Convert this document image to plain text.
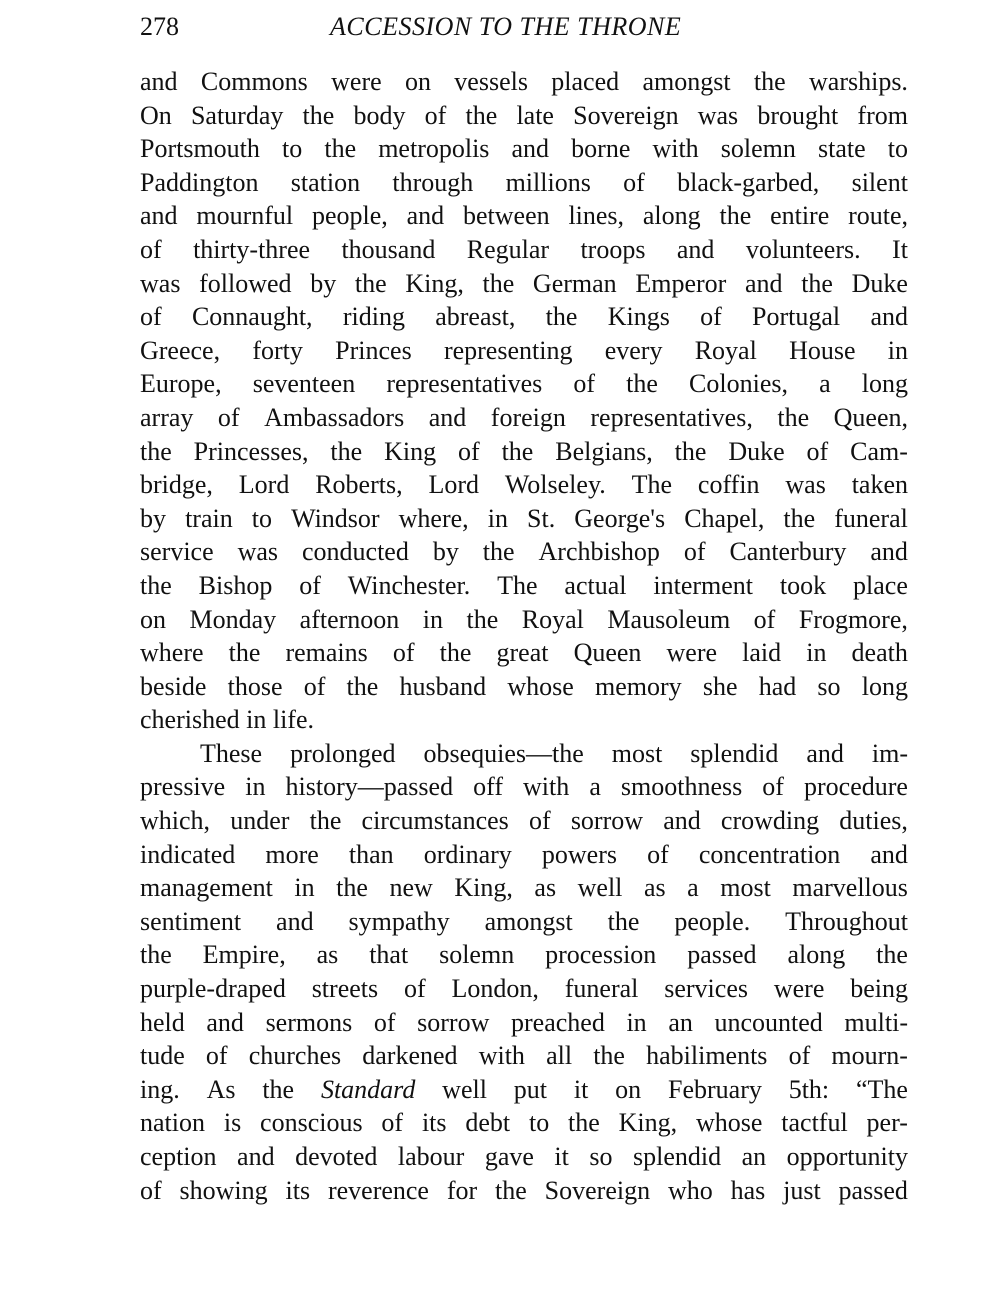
278	ACCESSION TO THE THRONE
and Commons were on vessels placed amongst the warships.
On Saturday the body of the late Sovereign was brought from
Portsmouth to the metropolis and borne with solemn state to
Paddington station through millions of black-garbed, silent
and mournful people, and between lines, along the entire route,
of thirty-three thousand Regular troops and volunteers. It
was followed by the King, the German Emperor and the Duke
of Connaught, riding abreast, the Kings of Portugal and
Greece, forty Princes representing every Royal House in
Europe, seventeen representatives of the Colonies, a long
array of Ambassadors and foreign representatives, the Queen,
the Princesses, the King of the Belgians, the Duke of Cam-
bridge, Lord Roberts, Lord Wolseley. The coffin was taken
by train to Windsor where, in St. George's Chapel, the funeral
service was conducted by the Archbishop of Canterbury and
the Bishop of Winchester. The actual interment took place
on Monday afternoon in the Royal Mausoleum of Frogmore,
where the remains of the great Queen were laid in death
beside those of the husband whose memory she had so long
cherished in life.
These prolonged obsequies—the most splendid and im-
pressive in history—passed off with a smoothness of procedure
which, under the circumstances of sorrow and crowding duties,
indicated more than ordinary powers of concentration and
management in the new King, as well as a most marvellous
sentiment and sympathy amongst the people. Throughout
the Empire, as that solemn procession passed along the
purple-draped streets of London, funeral services were being
held and sermons of sorrow preached in an uncounted multi-
tude of churches darkened with all the habiliments of mourn-
ing. As the Standard well put it on February 5th: “The
nation is conscious of its debt to the King, whose tactful per-
ception and devoted labour gave it so splendid an opportunity
of showing its reverence for the Sovereign who has just passed
